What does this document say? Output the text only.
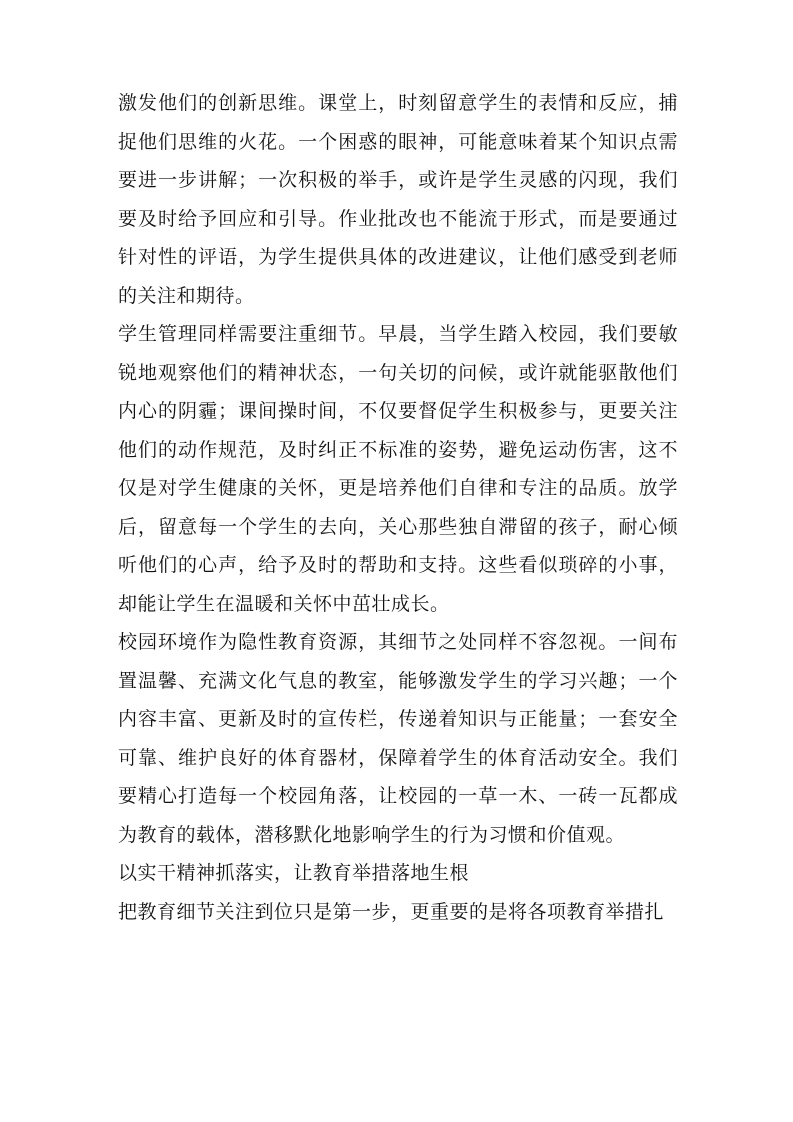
激发他们的创新思维。课堂上，时刻留意学生的表情和反应，捕捉他们思维的火花。一个困惑的眼神，可能意味着某个知识点需要进一步讲解；一次积极的举手，或许是学生灵感的闪现，我们要及时给予回应和引导。作业批改也不能流于形式，而是要通过针对性的评语，为学生提供具体的改进建议，让他们感受到老师的关注和期待。

学生管理同样需要注重细节。早晨，当学生踏入校园，我们要敏锐地观察他们的精神状态，一句关切的问候，或许就能驱散他们内心的阴霾；课间操时间，不仅要督促学生积极参与，更要关注他们的动作规范，及时纠正不标准的姿势，避免运动伤害，这不仅是对学生健康的关怀，更是培养他们自律和专注的品质。放学后，留意每一个学生的去向，关心那些独自滞留的孩子，耐心倾听他们的心声，给予及时的帮助和支持。这些看似琐碎的小事，却能让学生在温暖和关怀中茁壮成长。

校园环境作为隐性教育资源，其细节之处同样不容忽视。一间布置温馨、充满文化气息的教室，能够激发学生的学习兴趣；一个内容丰富、更新及时的宣传栏，传递着知识与正能量；一套安全可靠、维护良好的体育器材，保障着学生的体育活动安全。我们要精心打造每一个校园角落，让校园的一草一木、一砖一瓦都成为教育的载体，潜移默化地影响学生的行为习惯和价值观。

以实干精神抓落实，让教育举措落地生根

把教育细节关注到位只是第一步，更重要的是将各项教育举措扎
